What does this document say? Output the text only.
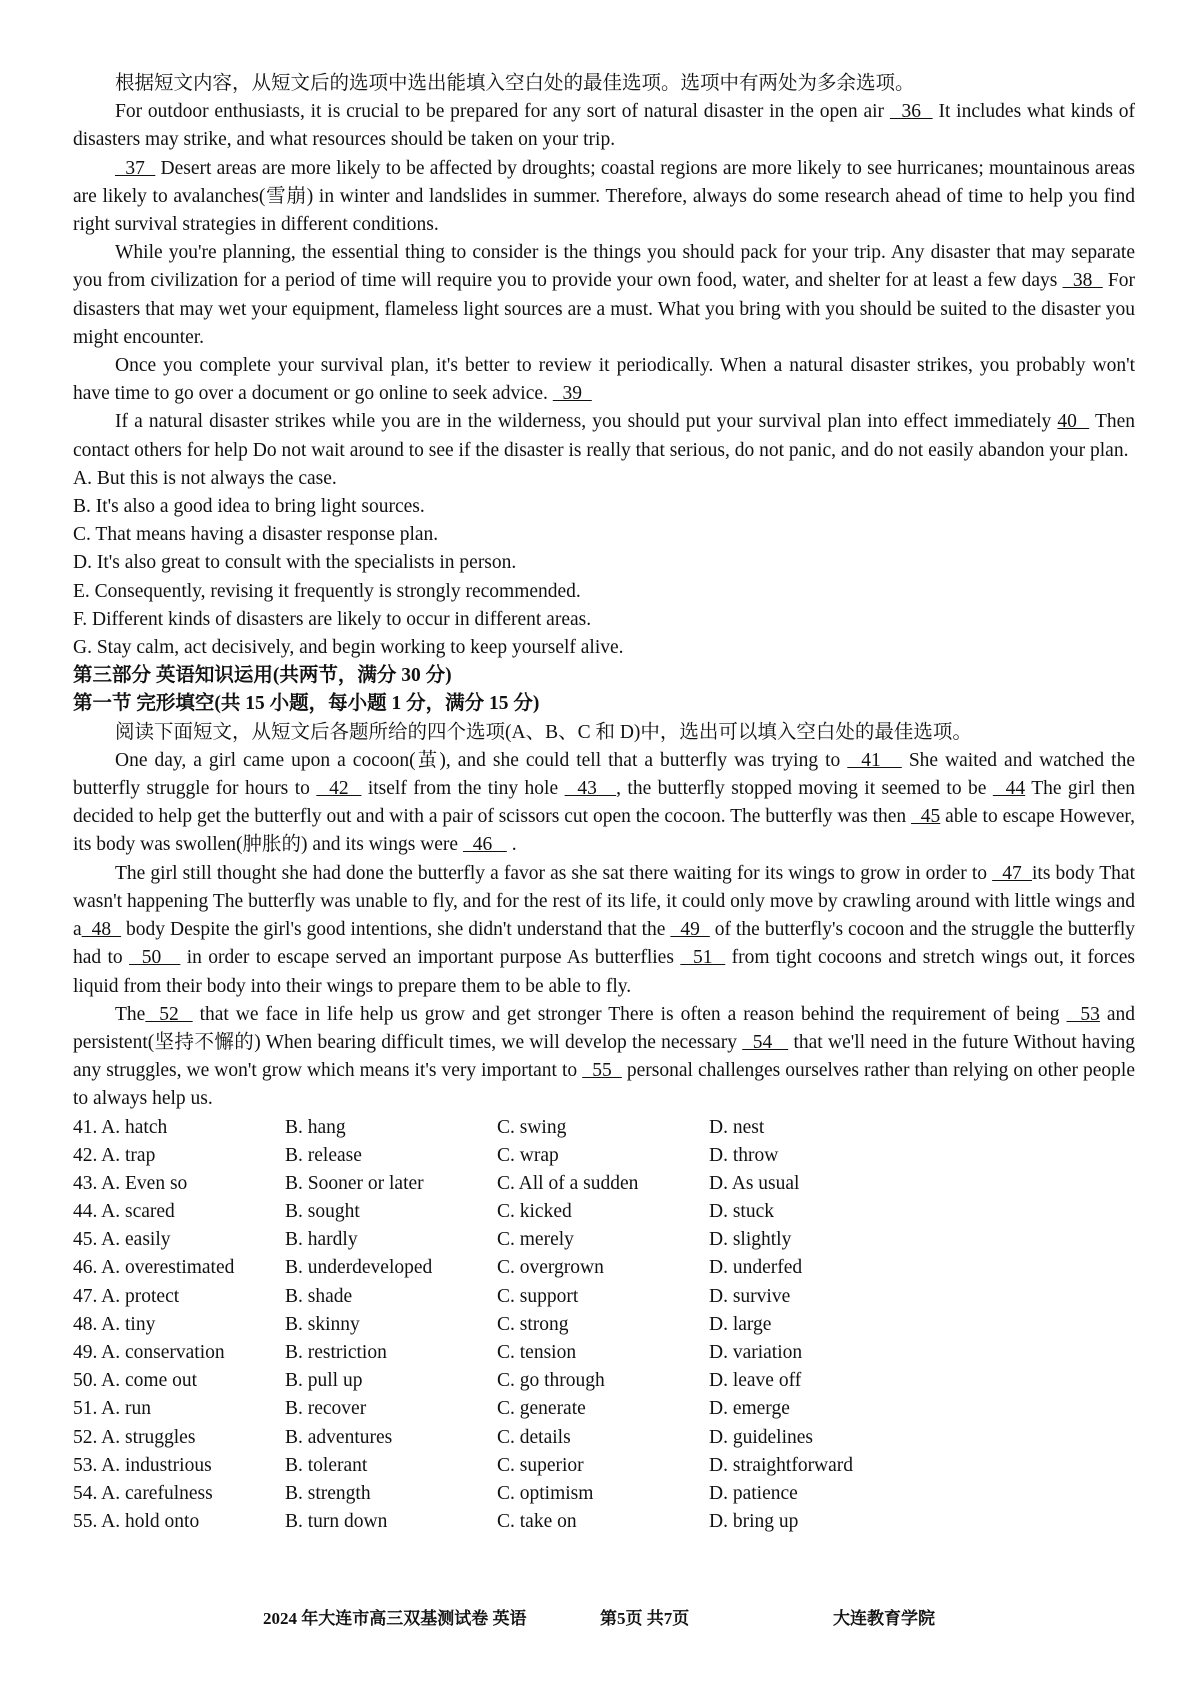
根据短文内容，从短文后的选项中选出能填入空白处的最佳选项。选项中有两处为多余选项。

For outdoor enthusiasts, it is crucial to be prepared for any sort of natural disaster in the open air   36   It includes what kinds of disasters may strike, and what resources should be taken on your trip.

37   Desert areas are more likely to be affected by droughts; coastal regions are more likely to see hurricanes; mountainous areas are likely to avalanches(雪崩) in winter and landslides in summer. Therefore, always do some research ahead of time to help you find right survival strategies in different conditions.

While you're planning, the essential thing to consider is the things you should pack for your trip. Any disaster that may separate you from civilization for a period of time will require you to provide your own food, water, and shelter for at least a few days   38   For disasters that may wet your equipment, flameless light sources are a must. What you bring with you should be suited to the disaster you might encounter.

Once you complete your survival plan, it's better to review it periodically. When a natural disaster strikes, you probably won't have time to go over a document or go online to seek advice.   39

If a natural disaster strikes while you are in the wilderness, you should put your survival plan into effect immediately 40   Then contact others for help Do not wait around to see if the disaster is really that serious, do not panic, and do not easily abandon your plan.

A. But this is not always the case.

B. It's also a good idea to bring light sources.

C. That means having a disaster response plan.

D. It's also great to consult with the specialists in person.

E. Consequently, revising it frequently is strongly recommended.

F. Different kinds of disasters are likely to occur in different areas.

G. Stay calm, act decisively, and begin working to keep yourself alive.

第三部分 英语知识运用(共两节，满分 30 分)

第一节 完形填空(共 15 小题，每小题 1 分，满分 15 分)

阅读下面短文，从短文后各题所给的四个选项(A、B、C 和 D)中，选出可以填入空白处的最佳选项。

One day, a girl came upon a cocoon(茧), and she could tell that a butterfly was trying to   41    She waited and watched the butterfly struggle for hours to   42   itself from the tiny hole   43   , the butterfly stopped moving it seemed to be   44 The girl then decided to help get the butterfly out and with a pair of scissors cut open the cocoon. The butterfly was then   45 able to escape However, its body was swollen(肿胀的) and its wings were   46    .

The girl still thought she had done the butterfly a favor as she sat there waiting for its wings to grow in order to   47  its body That wasn't happening The butterfly was unable to fly, and for the rest of its life, it could only move by crawling around with little wings and a  48   body Despite the girl's good intentions, she didn't understand that the   49   of the butterfly's cocoon and the struggle the butterfly had to   50    in order to escape served an important purpose As butterflies   51   from tight cocoons and stretch wings out, it forces liquid from their body into their wings to prepare them to be able to fly.

The  52   that we face in life help us grow and get stronger There is often a reason behind the requirement of being   53 and persistent(坚持不懈的) When bearing difficult times, we will develop the necessary   54    that we'll need in the future Without having any struggles, we won't grow which means it's very important to   55   personal challenges ourselves rather than relying on other people to always help us.

41. A. hatch	B. hang	C. swing	D. nest
42. A. trap	B. release	C. wrap	D. throw
43. A. Even so	B. Sooner or later	C. All of a sudden	D. As usual
44. A. scared	B. sought	C. kicked	D. stuck
45. A. easily	B. hardly	C. merely	D. slightly
46. A. overestimated	B. underdeveloped	C. overgrown	D. underfed
47. A. protect	B. shade	C. support	D. survive
48. A. tiny	B. skinny	C. strong	D. large
49. A. conservation	B. restriction	C. tension	D. variation
50. A. come out	B. pull up	C. go through	D. leave off
51. A. run	B. recover	C. generate	D. emerge
52. A. struggles	B. adventures	C. details	D. guidelines
53. A. industrious	B. tolerant	C. superior	D. straightforward
54. A. carefulness	B. strength	C. optimism	D. patience
55. A. hold onto	B. turn down	C. take on	D. bring up
2024 年大连市高三双基测试卷 英语	第5页 共7页	大连教育学院
